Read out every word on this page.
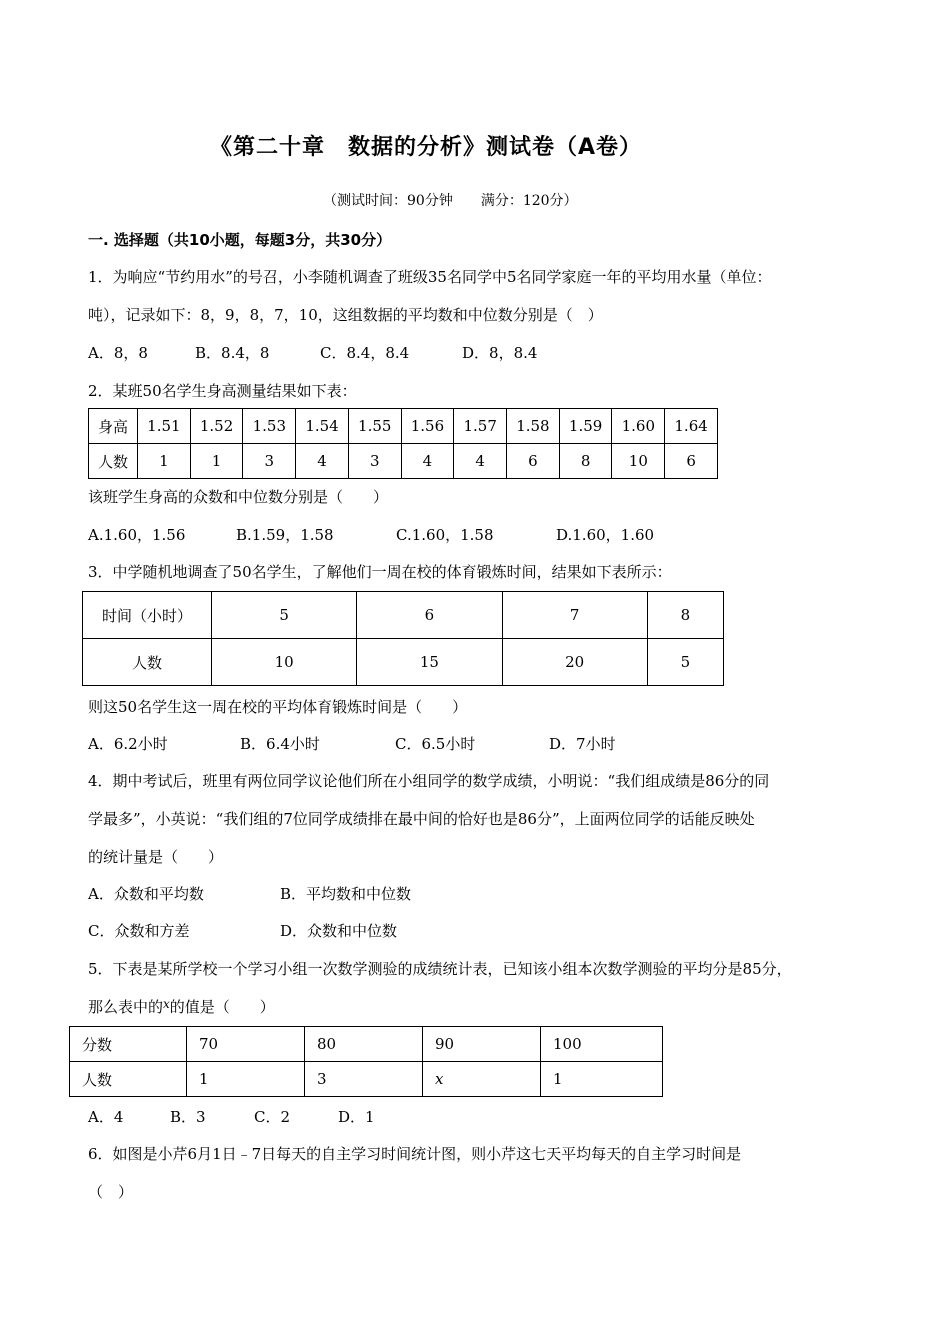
《第二十章　数据的分析》测试卷（A卷）
（测试时间：90分钟　　满分：120分）
一. 选择题（共10小题，每题3分，共30分）
1．为响应“节约用水”的号召，小李随机调查了班级35名同学中5名同学家庭一年的平均用水量（单位：
吨），记录如下：8，9，8，7，10，这组数据的平均数和中位数分别是（　）
A．8，8	B．8.4，8	C．8.4，8.4	D．8，8.4
2．某班50名学生身高测量结果如下表：
身高	1.51	1.52	1.53	1.54	1.55	1.56	1.57	1.58	1.59	1.60	1.64
人数	1	1	3	4	3	4	4	6	8	10	6
该班学生身高的众数和中位数分别是（　　）
A.1.60，1.56	B.1.59，1.58	C.1.60，1.58	D.1.60，1.60
3．中学随机地调查了50名学生，了解他们一周在校的体育锻炼时间，结果如下表所示：
时间（小时）	5	6	7	8
人数	10	15	20	5
则这50名学生这一周在校的平均体育锻炼时间是（　　）
A．6.2小时	B．6.4小时	C．6.5小时	D．7小时
4．期中考试后，班里有两位同学议论他们所在小组同学的数学成绩，小明说：“我们组成绩是86分的同
学最多”，小英说：“我们组的7位同学成绩排在最中间的恰好也是86分”，上面两位同学的话能反映处
的统计量是（　　）
A．众数和平均数	B．平均数和中位数
C．众数和方差	D．众数和中位数
5．下表是某所学校一个学习小组一次数学测验的成绩统计表，已知该小组本次数学测验的平均分是85分，
那么表中的$^x$的值是（　　）
分数	70	80	90	100
人数	1	3	x	1
A．4	B．3	C．2	D．1
6．如图是小芹6月1日﹣7日每天的自主学习时间统计图，则小芹这七天平均每天的自主学习时间是
（　）
